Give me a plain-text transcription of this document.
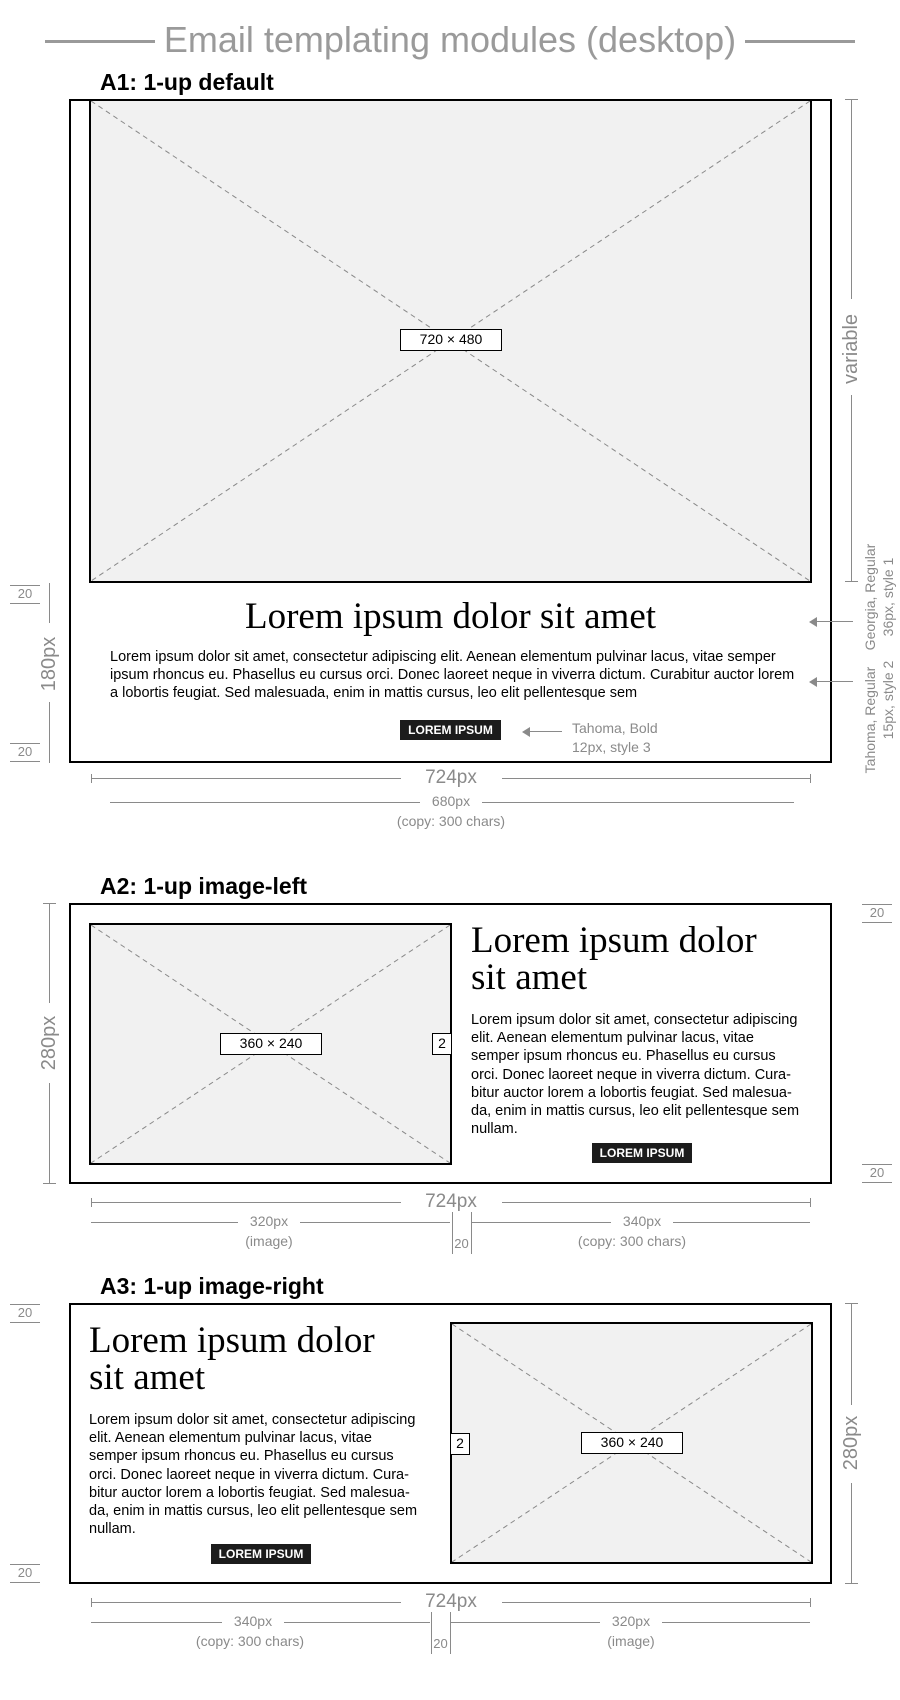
Email templating modules (desktop)
A1: 1-up default
720 × 480
Lorem ipsum dolor sit amet
Lorem ipsum dolor sit amet, consectetur adipiscing elit. Aenean elementum pulvinar lacus, vitae semper ipsum rhoncus eu. Phasellus eu cursus orci. Donec laoreet neque in viverra dictum. Curabitur auctor lorem a lobortis feugiat. Sed malesuada, enim in mattis cursus, leo elit pellentesque sem
LOREM IPSUM
variable
Georgia, Regular 36px, style 1
Tahoma, Regular 15px, style 2
Tahoma, Bold
12px, style 3
20
180px
20
724px
680px
(copy: 300 chars)
A2: 1-up image-left
360 × 240	2
Lorem ipsum dolor
sit amet
Lorem ipsum dolor sit amet, consectetur adipiscing
elit. Aenean elementum pulvinar lacus, vitae
semper ipsum rhoncus eu. Phasellus eu cursus
orci. Donec laoreet neque in viverra dictum. Cura-
bitur auctor lorem a lobortis feugiat. Sed malesua-
da, enim in mattis cursus, leo elit pellentesque sem
nullam.
LOREM IPSUM
280px
20
20
724px
320px
(image)	20
340px
(copy: 300 chars)
A3: 1-up image-right
Lorem ipsum dolor
sit amet
Lorem ipsum dolor sit amet, consectetur adipiscing
elit. Aenean elementum pulvinar lacus, vitae
semper ipsum rhoncus eu. Phasellus eu cursus
orci. Donec laoreet neque in viverra dictum. Cura-
bitur auctor lorem a lobortis feugiat. Sed malesua-
da, enim in mattis cursus, leo elit pellentesque sem
nullam.
LOREM IPSUM
360 × 240
2
20
20
280px
724px
340px
(copy: 300 chars)	20
320px
(image)
